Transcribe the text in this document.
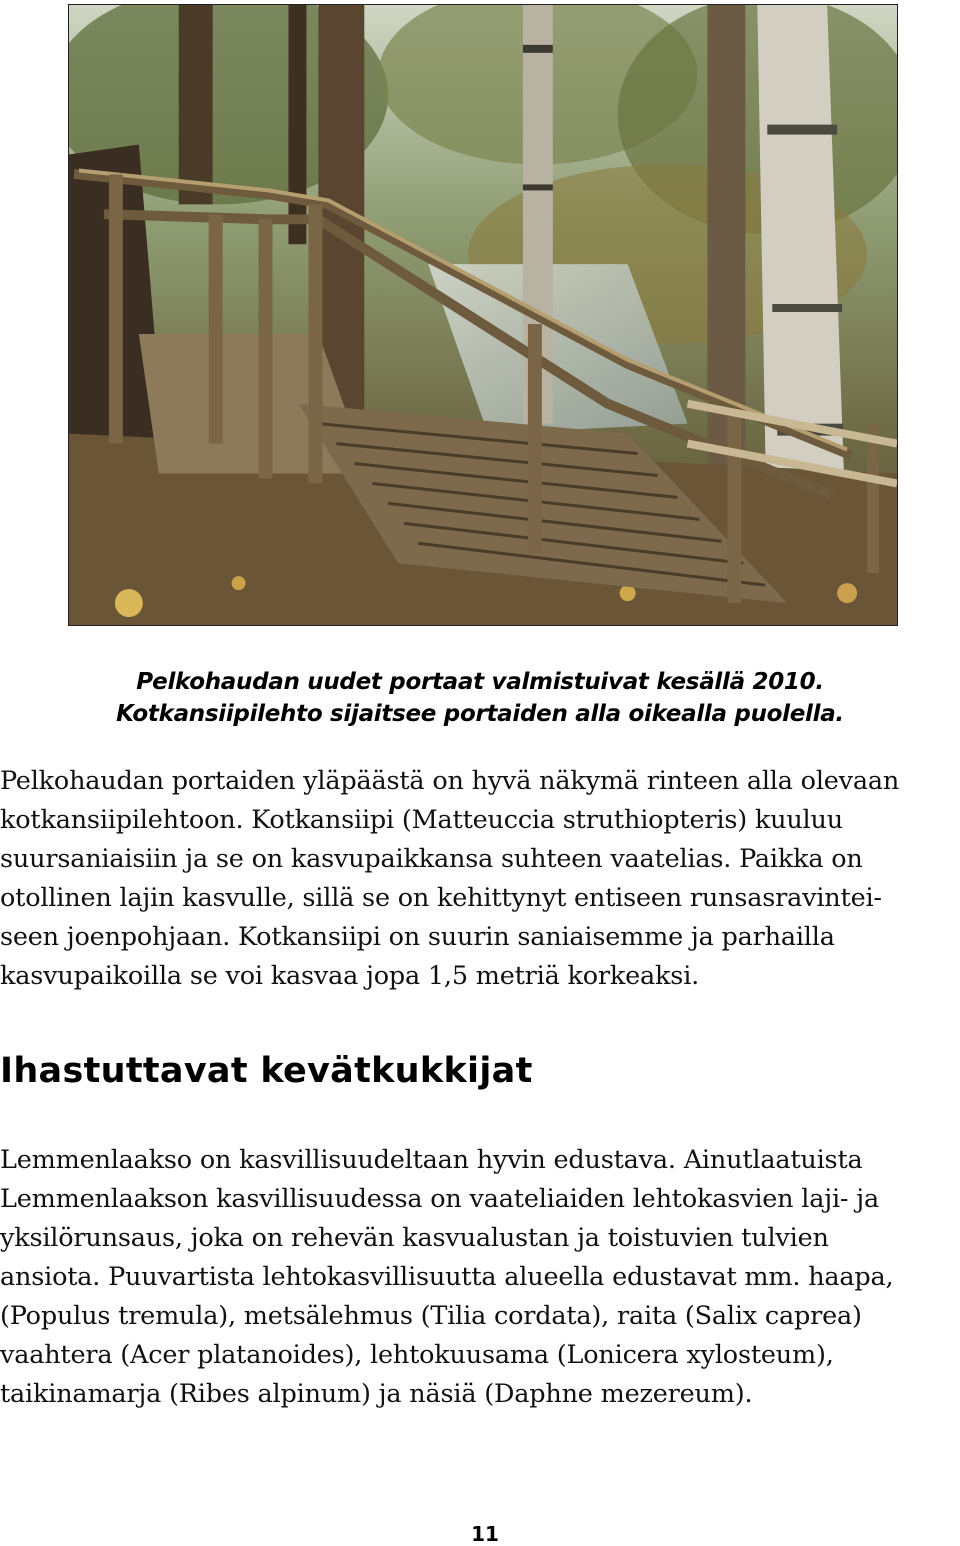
Pelkohaudan uudet portaat valmistuivat kesällä 2010.
Kotkansiipilehto sijaitsee portaiden alla oikealla puolella.

Pelkohaudan portaiden yläpäästä on hyvä näkymä rinteen alla olevaan
kotkansiipilehtoon. Kotkansiipi (Matteuccia struthiopteris) kuuluu
suursaniaisiin ja se on kasvupaikkansa suhteen vaatelias. Paikka on
otollinen lajin kasvulle, sillä se on kehittynyt entiseen runsasravintei-
seen joenpohjaan. Kotkansiipi on suurin saniaisemme ja parhailla
kasvupaikoilla se voi kasvaa jopa 1,5 metriä korkeaksi.

Ihastuttavat kevätkukkijat

Lemmenlaakso on kasvillisuudeltaan hyvin edustava. Ainutlaatuista
Lemmenlaakson kasvillisuudessa on vaateliaiden lehtokasvien laji- ja
yksilörunsaus, joka on rehevän kasvualustan ja toistuvien tulvien
ansiota. Puuvartista lehtokasvillisuutta alueella edustavat mm. haapa,
(Populus tremula), metsälehmus (Tilia cordata), raita (Salix caprea)
vaahtera (Acer platanoides), lehtokuusama (Lonicera xylosteum),
taikinamarja (Ribes alpinum) ja näsiä (Daphne mezereum).

11
